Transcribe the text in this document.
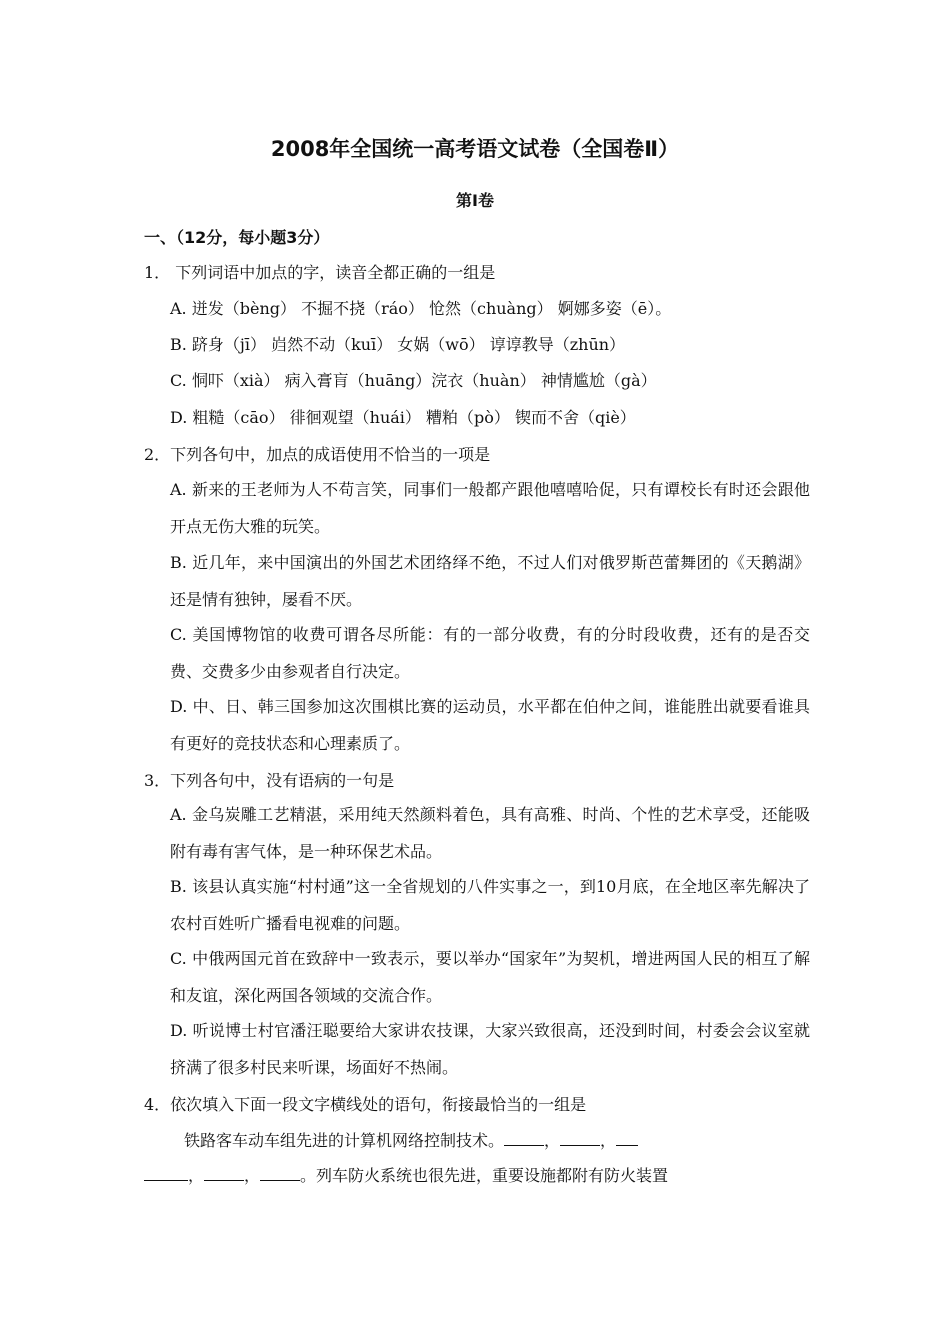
2008年全国统一高考语文试卷（全国卷Ⅱ）
第I卷
一、（12分，每小题3分）
1． 下列词语中加点的字，读音全都正确的一组是
A. 迸发（bèng） 不掘不挠（ráo） 怆然（chuàng） 婀娜多姿（ē）。
B. 跻身（jī） 岿然不动（kuī） 女娲（wō） 谆谆教导（zhūn）
C. 恫吓（xià） 病入膏肓（huāng）浣衣（huàn） 神情尴尬（gà）
D. 粗糙（cāo） 徘徊观望（huái） 糟粕（pò） 锲而不舍（qiè）
2．下列各句中，加点的成语使用不恰当的一项是
A. 新来的王老师为人不苟言笑，同事们一般都产跟他嘻嘻哈促，只有谭校长有时还会跟他开点无伤大雅的玩笑。
B. 近几年，来中国演出的外国艺术团络绎不绝，不过人们对俄罗斯芭蕾舞团的《天鹅湖》还是情有独钟，屡看不厌。
C. 美国博物馆的收费可谓各尽所能：有的一部分收费，有的分时段收费，还有的是否交费、交费多少由参观者自行决定。
D. 中、日、韩三国参加这次围棋比赛的运动员，水平都在伯仲之间，谁能胜出就要看谁具有更好的竞技状态和心理素质了。
3．下列各句中，没有语病的一句是
A. 金乌炭雕工艺精湛，采用纯天然颜料着色，具有高雅、时尚、个性的艺术享受，还能吸附有毒有害气体，是一种环保艺术品。
B. 该县认真实施“村村通”这一全省规划的八件实事之一，到10月底，在全地区率先解决了农村百姓听广播看电视难的问题。
C. 中俄两国元首在致辞中一致表示，要以举办“国家年”为契机，增进两国人民的相互了解和友谊，深化两国各领域的交流合作。
D. 听说博士村官潘汪聪要给大家讲农技课，大家兴致很高，还没到时间，村委会会议室就挤满了很多村民来听课，场面好不热闹。
4．依次填入下面一段文字横线处的语句，衔接最恰当的一组是
铁路客车动车组先进的计算机网络控制技术。	，	，
，	，	。列车防火系统也很先进，重要设施都附有防火装置
